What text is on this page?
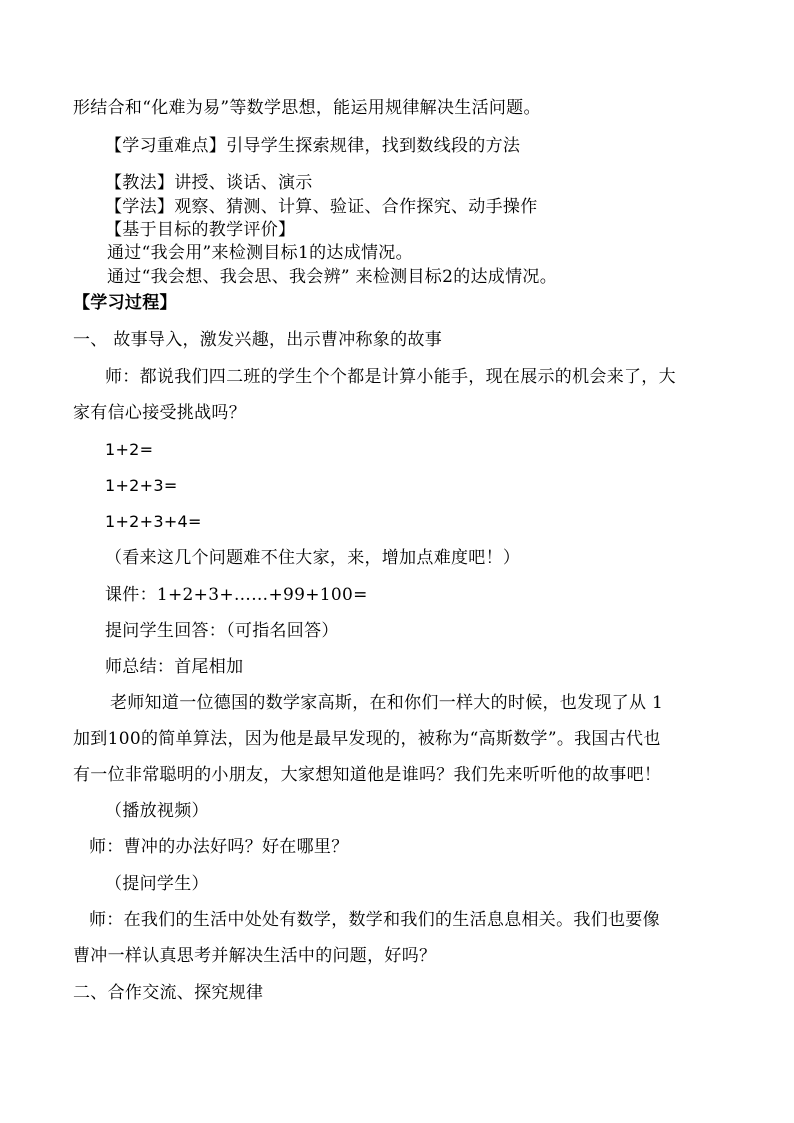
形结合和“化难为易”等数学思想，能运用规律解决生活问题。
【学习重难点】引导学生探索规律，找到数线段的方法
【教法】讲授、谈话、演示
【学法】观察、猜测、计算、验证、合作探究、动手操作
【基于目标的教学评价】
通过“我会用”来检测目标1的达成情况。
通过“我会想、我会思、我会辨” 来检测目标2的达成情况。
【学习过程】
一、 故事导入，激发兴趣，出示曹冲称象的故事
师：都说我们四二班的学生个个都是计算小能手，现在展示的机会来了，大
家有信心接受挑战吗？
1+2=
1+2+3=
1+2+3+4=
（看来这几个问题难不住大家，来，增加点难度吧！）
课件：1+2+3+……+99+100=
提问学生回答：（可指名回答）
师总结：首尾相加
老师知道一位德国的数学家高斯，在和你们一样大的时候，也发现了从 1
加到100的简单算法，因为他是最早发现的，被称为“高斯数学”。我国古代也
有一位非常聪明的小朋友，大家想知道他是谁吗？我们先来听听他的故事吧！
（播放视频）
师：曹冲的办法好吗？好在哪里？
（提问学生）
师：在我们的生活中处处有数学，数学和我们的生活息息相关。我们也要像
曹冲一样认真思考并解决生活中的问题，好吗？
二、合作交流、探究规律
